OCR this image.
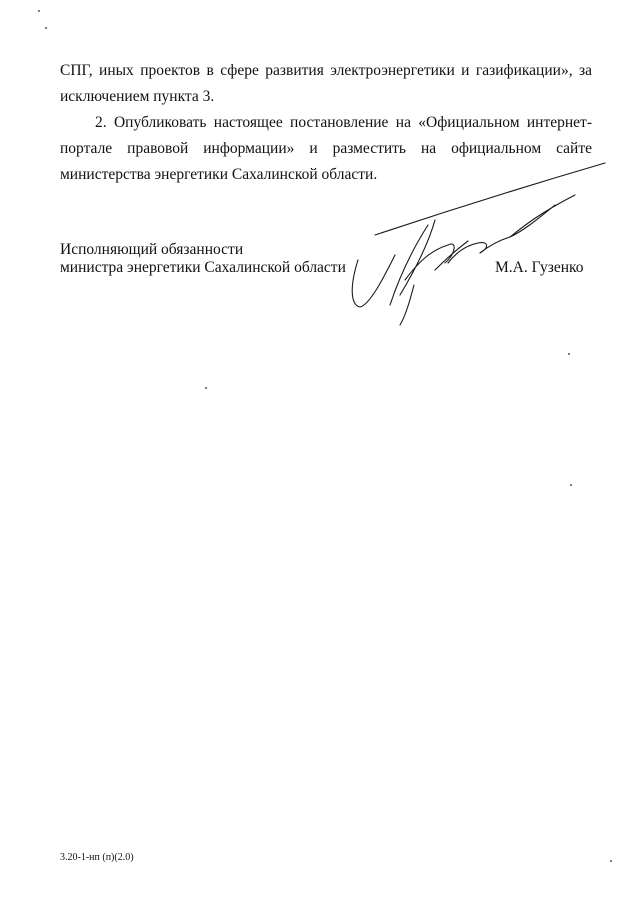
СПГ, иных проектов в сфере развития электроэнергетики и газификации», за исключением пункта 3.

2. Опубликовать настоящее постановление на «Официальном интернет-портале правовой информации» и разместить на официальном сайте министерства энергетики Сахалинской области.

Исполняющий обязанности
министра энергетики Сахалинской области	М.А. Гузенко
3.20-1-нп (п)(2.0)
